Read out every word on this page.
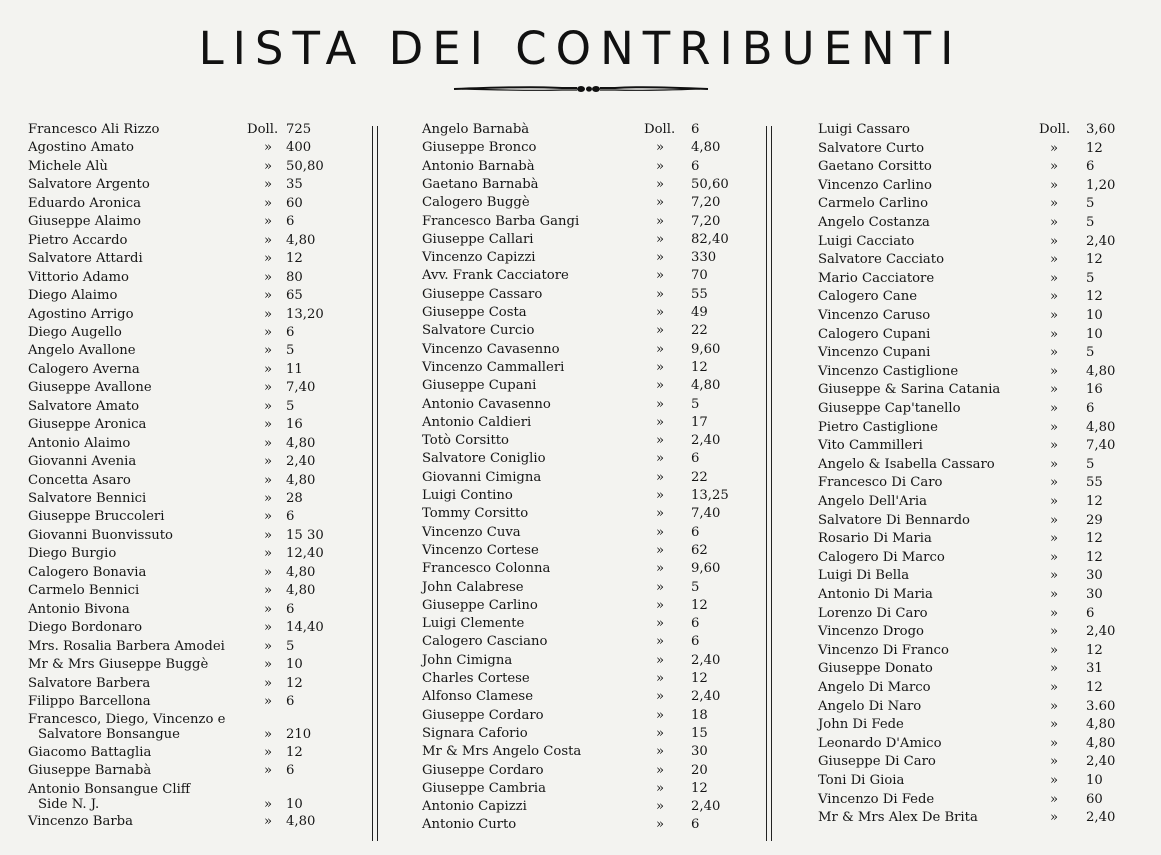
LISTA DEI CONTRIBUENTI
Francesco Ali Rizzo	Doll. 725
Agostino Amato	»	400
Michele Alù	»	50,80
Salvatore Argento	»	35
Eduardo Aronica	»	60
Giuseppe Alaimo	»	6
Pietro Accardo	»	4,80
Salvatore Attardi	»	12
Vittorio Adamo	»	80
Diego Alaimo	»	65
Agostino Arrigo	»	13,20
Diego Augello	»	6
Angelo Avallone	»	5
Calogero Averna	»	11
Giuseppe Avallone	»	7,40
Salvatore Amato	»	5
Giuseppe Aronica	»	16
Antonio Alaimo	»	4,80
Giovanni Avenia	»	2,40
Concetta Asaro	»	4,80
Salvatore Bennici	»	28
Giuseppe Bruccoleri	»	6
Giovanni Buonvissuto	»	15 30
Diego Burgio	»	12,40
Calogero Bonavia	»	4,80
Carmelo Bennici	»	4,80
Antonio Bivona	»	6
Diego Bordonaro	»	14,40
Mrs. Rosalia Barbera Amodei	»	5
Mr & Mrs Giuseppe Buggè	»	10
Salvatore Barbera	»	12
Filippo Barcellona	»	6
Francesco, Diego, Vincenzo e
Salvatore Bonsangue	»	210
Giacomo Battaglia	»	12
Giuseppe Barnabà	»	6
Antonio Bonsangue Cliff
Side N. J.	»	10
Vincenzo Barba	»	4,80
Angelo Barnabà	Doll.	6
Giuseppe Bronco	»	4,80
Antonio Barnabà	»	6
Gaetano Barnabà	»	50,60
Calogero Buggè	»	7,20
Francesco Barba Gangi	»	7,20
Giuseppe Callari	»	82,40
Vincenzo Capizzi	»	330
Avv. Frank Cacciatore	»	70
Giuseppe Cassaro	»	55
Giuseppe Costa	»	49
Salvatore Curcio	»	22
Vincenzo Cavasenno	»	9,60
Vincenzo Cammalleri	»	12
Giuseppe Cupani	»	4,80
Antonio Cavasenno	»	5
Antonio Caldieri	»	17
Totò Corsitto	»	2,40
Salvatore Coniglio	»	6
Giovanni Cimigna	»	22
Luigi Contino	»	13,25
Tommy Corsitto	»	7,40
Vincenzo Cuva	»	6
Vincenzo Cortese	»	62
Francesco Colonna	»	9,60
John Calabrese	»	5
Giuseppe Carlino	»	12
Luigi Clemente	»	6
Calogero Casciano	»	6
John Cimigna	»	2,40
Charles Cortese	»	12
Alfonso Clamese	»	2,40
Giuseppe Cordaro	»	18
Signara Caforio	»	15
Mr & Mrs Angelo Costa	»	30
Giuseppe Cordaro	»	20
Giuseppe Cambria	»	12
Antonio Capizzi	»	2,40
Antonio Curto	»	6
Luigi Cassaro	Doll.	3,60
Salvatore Curto	»	12
Gaetano Corsitto	»	6
Vincenzo Carlino	»	1,20
Carmelo Carlino	»	5
Angelo Costanza	»	5
Luigi Cacciato	»	2,40
Salvatore Cacciato	»	12
Mario Cacciatore	»	5
Calogero Cane	»	12
Vincenzo Caruso	»	10
Calogero Cupani	»	10
Vincenzo Cupani	»	5
Vincenzo Castiglione	»	4,80
Giuseppe & Sarina Catania	»	16
Giuseppe Cap'tanello	»	6
Pietro Castiglione	»	4,80
Vito Cammilleri	»	7,40
Angelo & Isabella Cassaro	»	5
Francesco Di Caro	»	55
Angelo Dell'Aria	»	12
Salvatore Di Bennardo	»	29
Rosario Di Maria	»	12
Calogero Di Marco	»	12
Luigi Di Bella	»	30
Antonio Di Maria	»	30
Lorenzo Di Caro	»	6
Vincenzo Drogo	»	2,40
Vincenzo Di Franco	»	12
Giuseppe Donato	»	31
Angelo Di Marco	»	12
Angelo Di Naro	»	3.60
John Di Fede	»	4,80
Leonardo D'Amico	»	4,80
Giuseppe Di Caro	»	2,40
Toni Di Gioia	»	10
Vincenzo Di Fede	»	60
Mr & Mrs Alex De Brita	»	2,40
